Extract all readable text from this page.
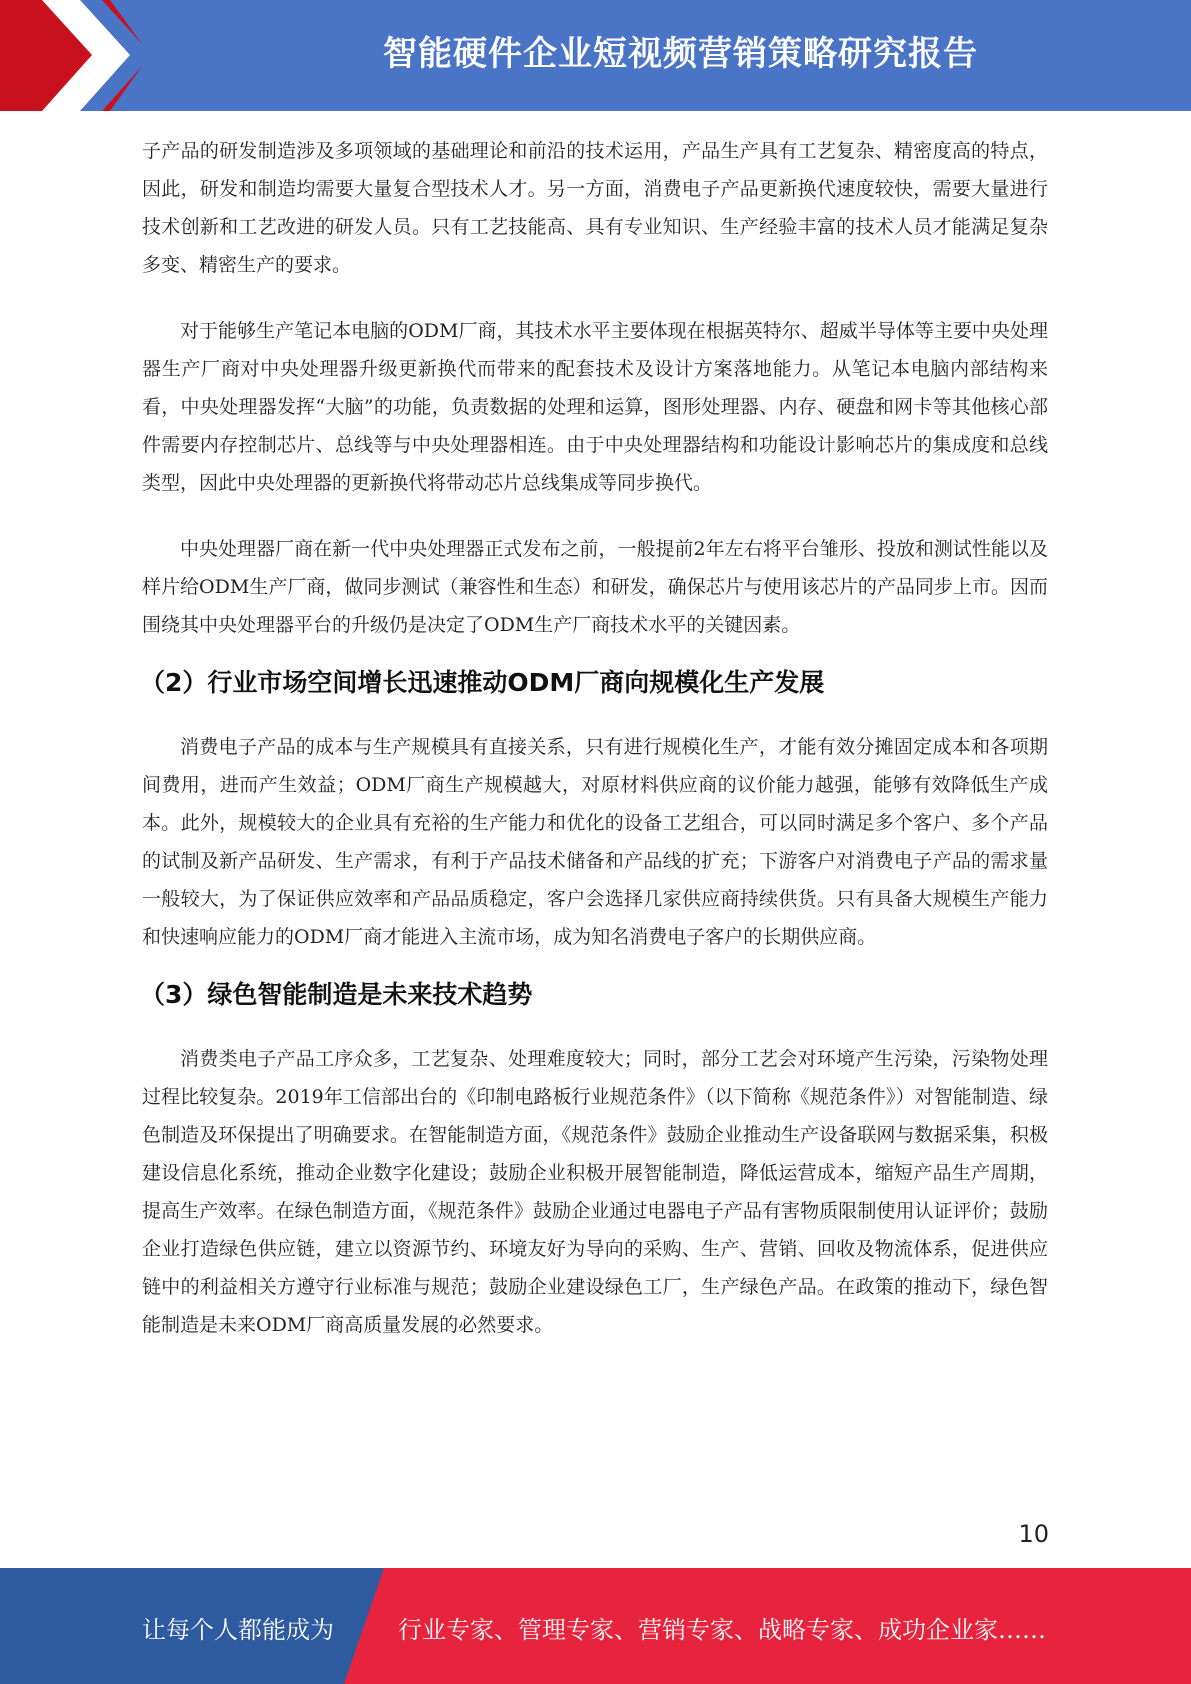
智能硬件企业短视频营销策略研究报告

子产品的研发制造涉及多项领域的基础理论和前沿的技术运用，产品生产具有工艺复杂、精密度高的特点，因此，研发和制造均需要大量复合型技术人才。另一方面，消费电子产品更新换代速度较快，需要大量进行技术创新和工艺改进的研发人员。只有工艺技能高、具有专业知识、生产经验丰富的技术人员才能满足复杂多变、精密生产的要求。

对于能够生产笔记本电脑的ODM厂商，其技术水平主要体现在根据英特尔、超威半导体等主要中央处理器生产厂商对中央处理器升级更新换代而带来的配套技术及设计方案落地能力。从笔记本电脑内部结构来看，中央处理器发挥“大脑”的功能，负责数据的处理和运算，图形处理器、内存、硬盘和网卡等其他核心部件需要内存控制芯片、总线等与中央处理器相连。由于中央处理器结构和功能设计影响芯片的集成度和总线类型，因此中央处理器的更新换代将带动芯片总线集成等同步换代。

中央处理器厂商在新一代中央处理器正式发布之前，一般提前2年左右将平台雏形、投放和测试性能以及样片给ODM生产厂商，做同步测试（兼容性和生态）和研发，确保芯片与使用该芯片的产品同步上市。因而围绕其中央处理器平台的升级仍是决定了ODM生产厂商技术水平的关键因素。

（2）行业市场空间增长迅速推动ODM厂商向规模化生产发展

消费电子产品的成本与生产规模具有直接关系，只有进行规模化生产，才能有效分摊固定成本和各项期间费用，进而产生效益；ODM厂商生产规模越大，对原材料供应商的议价能力越强，能够有效降低生产成本。此外，规模较大的企业具有充裕的生产能力和优化的设备工艺组合，可以同时满足多个客户、多个产品的试制及新产品研发、生产需求，有利于产品技术储备和产品线的扩充；下游客户对消费电子产品的需求量一般较大，为了保证供应效率和产品品质稳定，客户会选择几家供应商持续供货。只有具备大规模生产能力和快速响应能力的ODM厂商才能进入主流市场，成为知名消费电子客户的长期供应商。

（3）绿色智能制造是未来技术趋势

消费类电子产品工序众多，工艺复杂、处理难度较大；同时，部分工艺会对环境产生污染，污染物处理过程比较复杂。2019年工信部出台的《印制电路板行业规范条件》（以下简称《规范条件》）对智能制造、绿色制造及环保提出了明确要求。在智能制造方面，《规范条件》鼓励企业推动生产设备联网与数据采集，积极建设信息化系统，推动企业数字化建设；鼓励企业积极开展智能制造，降低运营成本，缩短产品生产周期，提高生产效率。在绿色制造方面，《规范条件》鼓励企业通过电器电子产品有害物质限制使用认证评价；鼓励企业打造绿色供应链，建立以资源节约、环境友好为导向的采购、生产、营销、回收及物流体系，促进供应链中的利益相关方遵守行业标准与规范；鼓励企业建设绿色工厂，生产绿色产品。在政策的推动下，绿色智能制造是未来ODM厂商高质量发展的必然要求。

10
让每个人都能成为	行业专家、管理专家、营销专家、战略专家、成功企业家……
